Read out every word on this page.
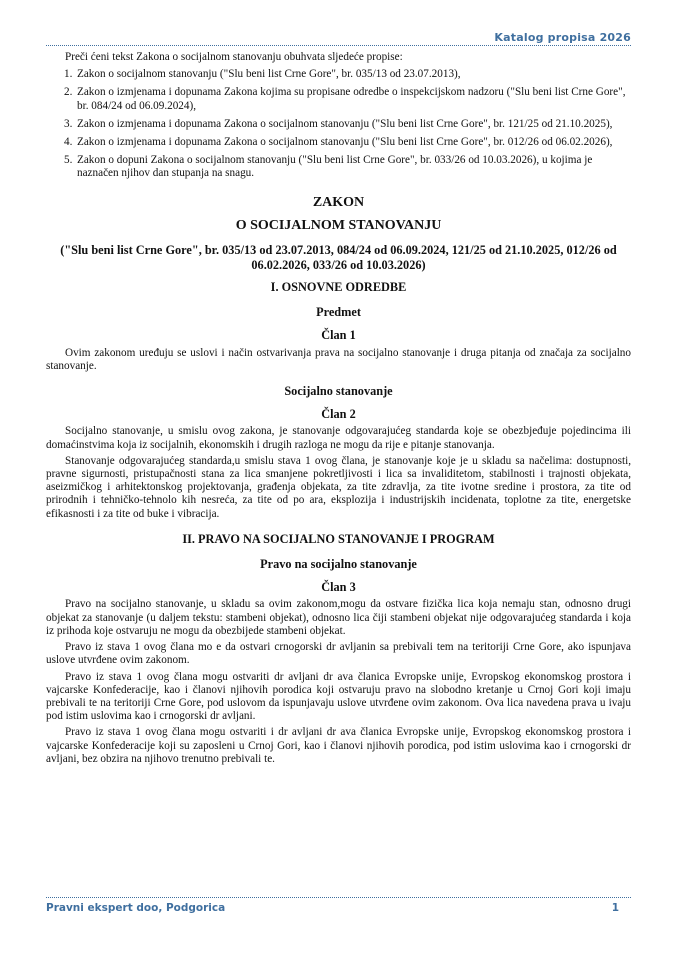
Katalog propisa 2026

Preči ćeni tekst Zakona o socijalnom stanovanju obuhvata sljedeće propise:

1. Zakon o socijalnom stanovanju ("Slu beni list Crne Gore", br. 035/13 od 23.07.2013),
2. Zakon o izmjenama i dopunama Zakona kojima su propisane odredbe o inspekcijskom nadzoru ("Slu beni list Crne Gore", br. 084/24 od 06.09.2024),
3. Zakon o izmjenama i dopunama Zakona o socijalnom stanovanju ("Slu beni list Crne Gore", br. 121/25 od 21.10.2025),
4. Zakon o izmjenama i dopunama Zakona o socijalnom stanovanju ("Slu beni list Crne Gore", br. 012/26 od 06.02.2026),
5. Zakon o dopuni Zakona o socijalnom stanovanju ("Slu beni list Crne Gore", br. 033/26 od 10.03.2026), u kojima je naznačen njihov dan stupanja na snagu.
ZAKON
O SOCIJALNOM STANOVANJU
("Slu beni list Crne Gore", br. 035/13 od 23.07.2013, 084/24 od 06.09.2024, 121/25 od 21.10.2025, 012/26 od 06.02.2026, 033/26 od 10.03.2026)
I. OSNOVNE ODREDBE
Predmet
Član 1

Ovim zakonom uređuju se uslovi i način ostvarivanja prava na socijalno stanovanje i druga pitanja od značaja za socijalno stanovanje.

Socijalno stanovanje
Član 2

Socijalno stanovanje, u smislu ovog zakona, je stanovanje odgovarajućeg standarda koje se obezbjeđuje pojedincima ili domaćinstvima koja iz socijalnih, ekonomskih i drugih razloga ne mogu da rije e pitanje stanovanja.

Stanovanje odgovarajućeg standarda,u smislu stava 1 ovog člana, je stanovanje koje je u skladu sa načelima: dostupnosti, pravne sigurnosti, pristupačnosti stana za lica smanjene pokretljivosti i lica sa invaliditetom, stabilnosti i trajnosti objekata, aseizmičkog i arhitektonskog projektovanja, građenja objekata, za tite zdravlja, za tite ivotne sredine i prostora, za tite od prirodnih i tehničko-tehnolo kih nesreća, za tite od po ara, eksplozija i industrijskih incidenata, toplotne za tite, energetske efikasnosti i za tite od buke i vibracija.

II. PRAVO NA SOCIJALNO STANOVANJE I PROGRAM
Pravo na socijalno stanovanje
Član 3

Pravo na socijalno stanovanje, u skladu sa ovim zakonom,mogu da ostvare fizička lica koja nemaju stan, odnosno drugi objekat za stanovanje (u daljem tekstu: stambeni objekat), odnosno lica čiji stambeni objekat nije odgovarajućeg standarda i koja iz prihoda koje ostvaruju ne mogu da obezbijede stambeni objekat.

Pravo iz stava 1 ovog člana mo e da ostvari crnogorski dr avljanin sa prebivali tem na teritoriji Crne Gore, ako ispunjava uslove utvrđene ovim zakonom.

Pravo iz stava 1 ovog člana mogu ostvariti dr avljani dr ava članica Evropske unije, Evropskog ekonomskog prostora i vajcarske Konfederacije, kao i članovi njihovih porodica koji ostvaruju pravo na slobodno kretanje u Crnoj Gori koji imaju prebivali te na teritoriji Crne Gore, pod uslovom da ispunjavaju uslove utvrđene ovim zakonom. Ova lica navedena prava u ivaju pod istim uslovima kao i crnogorski dr avljani.

Pravo iz stava 1 ovog člana mogu ostvariti i dr avljani dr ava članica Evropske unije, Evropskog ekonomskog prostora i vajcarske Konfederacije koji su zaposleni u Crnoj Gori, kao i članovi njihovih porodica, pod istim uslovima kao i crnogorski dr avljani, bez obzira na njihovo trenutno prebivali te.

Pravni ekspert doo, Podgorica	1
